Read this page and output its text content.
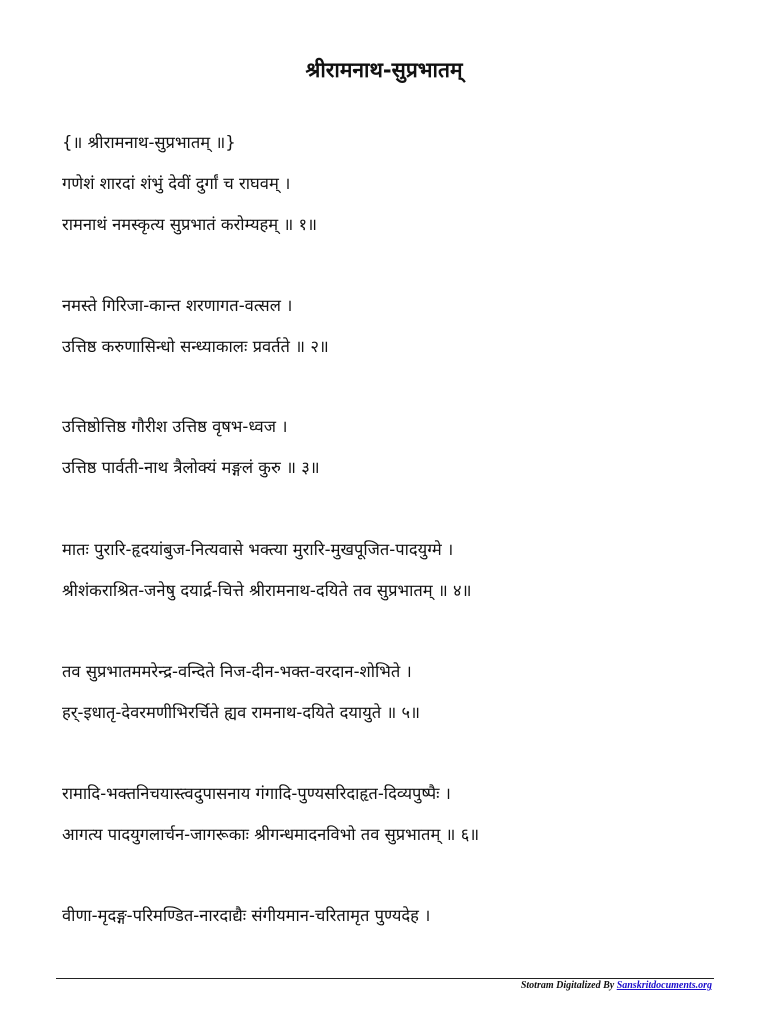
श्रीरामनाथ-सुप्रभातम्

{॥ श्रीरामनाथ-सुप्रभातम् ॥}

गणेशं शारदां शंभुं देवीं दुर्गां च राघवम् ।

रामनाथं नमस्कृत्य सुप्रभातं करोम्यहम् ॥ १॥

नमस्ते गिरिजा-कान्त शरणागत-वत्सल ।

उत्तिष्ठ करुणासिन्धो सन्ध्याकालः प्रवर्तते ॥ २॥

उत्तिष्ठोत्तिष्ठ गौरीश उत्तिष्ठ वृषभ-ध्वज ।

उत्तिष्ठ पार्वती-नाथ त्रैलोक्यं मङ्गलं कुरु ॥ ३॥

मातः पुरारि-हृदयांबुज-नित्यवासे भक्त्या मुरारि-मुखपूजित-पादयुग्मे ।

श्रीशंकराश्रित-जनेषु दयार्द्र-चित्ते श्रीरामनाथ-दयिते तव सुप्रभातम् ॥ ४॥

तव सुप्रभातममरेन्द्र-वन्दिते निज-दीन-भक्त-वरदान-शोभिते ।

हर्-इधातृ-देवरमणीभिरर्चिते ह्यव रामनाथ-दयिते दयायुते ॥ ५॥

रामादि-भक्तनिचयास्त्वदुपासनाय गंगादि-पुण्यसरिदाहृत-दिव्यपुष्पैः ।

आगत्य पादयुगलार्चन-जागरूकाः श्रीगन्धमादनविभो तव सुप्रभातम् ॥ ६॥

वीणा-मृदङ्ग-परिमण्डित-नारदाद्यैः संगीयमान-चरितामृत पुण्यदेह ।

Stotram Digitalized By Sanskritdocuments.org
